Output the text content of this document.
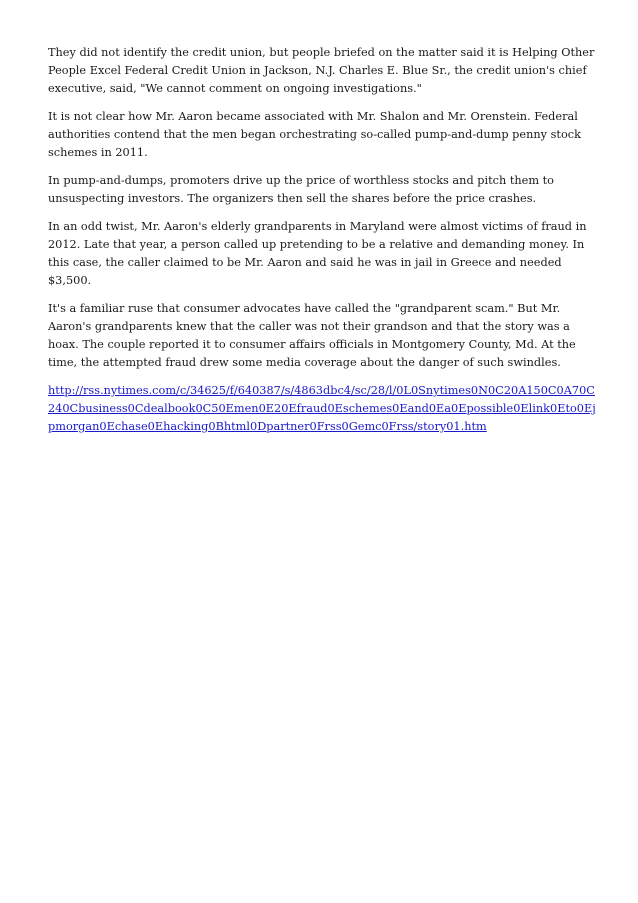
They did not identify the credit union, but people briefed on the matter said it is Helping Other People Excel Federal Credit Union in Jackson, N.J. Charles E. Blue Sr., the credit union's chief executive, said, "We cannot comment on ongoing investigations."

It is not clear how Mr. Aaron became associated with Mr. Shalon and Mr. Orenstein. Federal authorities contend that the men began orchestrating so-called pump-and-dump penny stock schemes in 2011.

In pump-and-dumps, promoters drive up the price of worthless stocks and pitch them to unsuspecting investors. The organizers then sell the shares before the price crashes.

In an odd twist, Mr. Aaron's elderly grandparents in Maryland were almost victims of fraud in 2012. Late that year, a person called up pretending to be a relative and demanding money. In this case, the caller claimed to be Mr. Aaron and said he was in jail in Greece and needed $3,500.

It's a familiar ruse that consumer advocates have called the "grandparent scam." But Mr. Aaron's grandparents knew that the caller was not their grandson and that the story was a hoax. The couple reported it to consumer affairs officials in Montgomery County, Md. At the time, the attempted fraud drew some media coverage about the danger of such swindles.

http://rss.nytimes.com/c/34625/f/640387/s/4863dbc4/sc/28/l/0L0Snytimes0N0C20A150C0A70C240Cbusiness0Cdealbook0C50Emen0E20Efraud0Eschemes0Eand0Ea0Epossible0Elink0Eto0Ejpmorgan0Echase0Ehacking0Bhtml0Dpartner0Frss0Gemc0Frss/story01.htm
